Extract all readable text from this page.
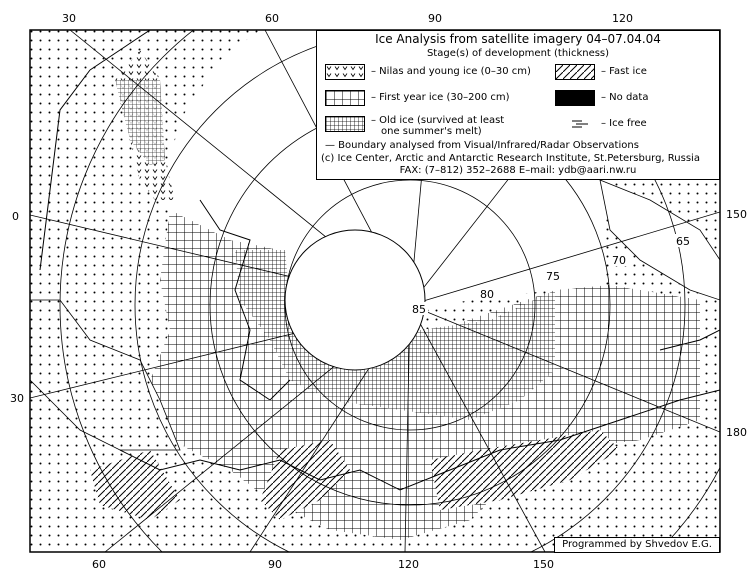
30	60	90	120
60	90	120	150
0
30
150
180
85
80
75
70
65
Ice Analysis from satellite imagery 04–07.04.04
Stage(s) of development (thickness)
– Nilas and young ice (0–30 cm)	– Fast ice
– First year ice (30–200 cm)	– No data
– Old ice (survived at least
one summer's melt)
– Ice free
— Boundary analysed from Visual/Infrared/Radar Observations
(c) Ice Center, Arctic and Antarctic Research Institute, St.Petersburg, Russia
FAX: (7–812) 352–2688 E–mail: ydb@aari.nw.ru
Programmed by Shvedov E.G.
